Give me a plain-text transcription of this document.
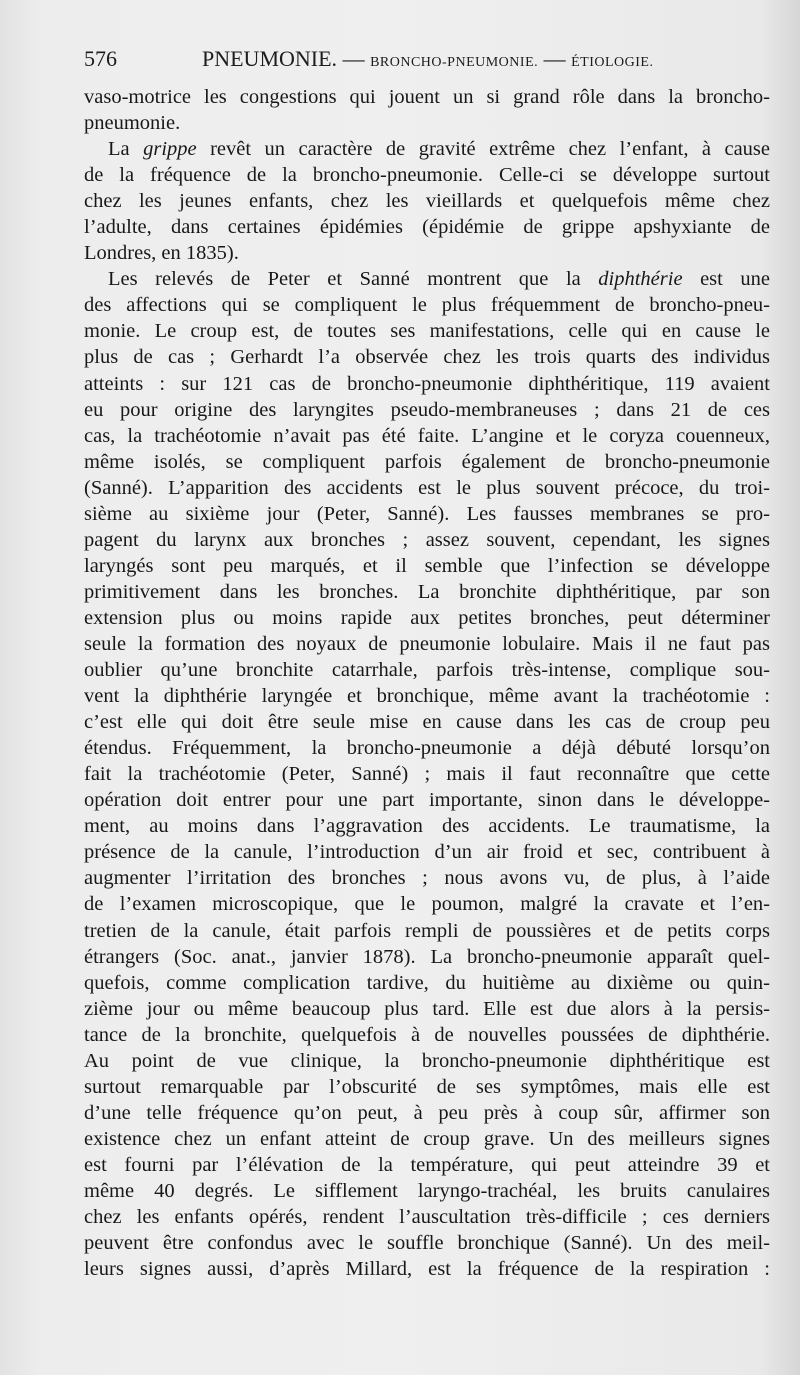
576	PNEUMONIE. — BRONCHO-PNEUMONIE. — ÉTIOLOGIE.
vaso-motrice les congestions qui jouent un si grand rôle dans la broncho-
pneumonie.
La grippe revêt un caractère de gravité extrême chez l’enfant, à cause
de la fréquence de la broncho-pneumonie. Celle-ci se développe surtout
chez les jeunes enfants, chez les vieillards et quelquefois même chez
l’adulte, dans certaines épidémies (épidémie de grippe apshyxiante de
Londres, en 1835).
Les relevés de Peter et Sanné montrent que la diphthérie est une
des affections qui se compliquent le plus fréquemment de broncho-pneu-
monie. Le croup est, de toutes ses manifestations, celle qui en cause le
plus de cas ; Gerhardt l’a observée chez les trois quarts des individus
atteints : sur 121 cas de broncho-pneumonie diphthéritique, 119 avaient
eu pour origine des laryngites pseudo-membraneuses ; dans 21 de ces
cas, la trachéotomie n’avait pas été faite. L’angine et le coryza couenneux,
même isolés, se compliquent parfois également de broncho-pneumonie
(Sanné). L’apparition des accidents est le plus souvent précoce, du troi-
sième au sixième jour (Peter, Sanné). Les fausses membranes se pro-
pagent du larynx aux bronches ; assez souvent, cependant, les signes
laryngés sont peu marqués, et il semble que l’infection se développe
primitivement dans les bronches. La bronchite diphthéritique, par son
extension plus ou moins rapide aux petites bronches, peut déterminer
seule la formation des noyaux de pneumonie lobulaire. Mais il ne faut pas
oublier qu’une bronchite catarrhale, parfois très-intense, complique sou-
vent la diphthérie laryngée et bronchique, même avant la trachéotomie :
c’est elle qui doit être seule mise en cause dans les cas de croup peu
étendus. Fréquemment, la broncho-pneumonie a déjà débuté lorsqu’on
fait la trachéotomie (Peter, Sanné) ; mais il faut reconnaître que cette
opération doit entrer pour une part importante, sinon dans le développe-
ment, au moins dans l’aggravation des accidents. Le traumatisme, la
présence de la canule, l’introduction d’un air froid et sec, contribuent à
augmenter l’irritation des bronches ; nous avons vu, de plus, à l’aide
de l’examen microscopique, que le poumon, malgré la cravate et l’en-
tretien de la canule, était parfois rempli de poussières et de petits corps
étrangers (Soc. anat., janvier 1878). La broncho-pneumonie apparaît quel-
quefois, comme complication tardive, du huitième au dixième ou quin-
zième jour ou même beaucoup plus tard. Elle est due alors à la persis-
tance de la bronchite, quelquefois à de nouvelles poussées de diphthérie.
Au point de vue clinique, la broncho-pneumonie diphthéritique est
surtout remarquable par l’obscurité de ses symptômes, mais elle est
d’une telle fréquence qu’on peut, à peu près à coup sûr, affirmer son
existence chez un enfant atteint de croup grave. Un des meilleurs signes
est fourni par l’élévation de la température, qui peut atteindre 39 et
même 40 degrés. Le sifflement laryngo-trachéal, les bruits canulaires
chez les enfants opérés, rendent l’auscultation très-difficile ; ces derniers
peuvent être confondus avec le souffle bronchique (Sanné). Un des meil-
leurs signes aussi, d’après Millard, est la fréquence de la respiration :
